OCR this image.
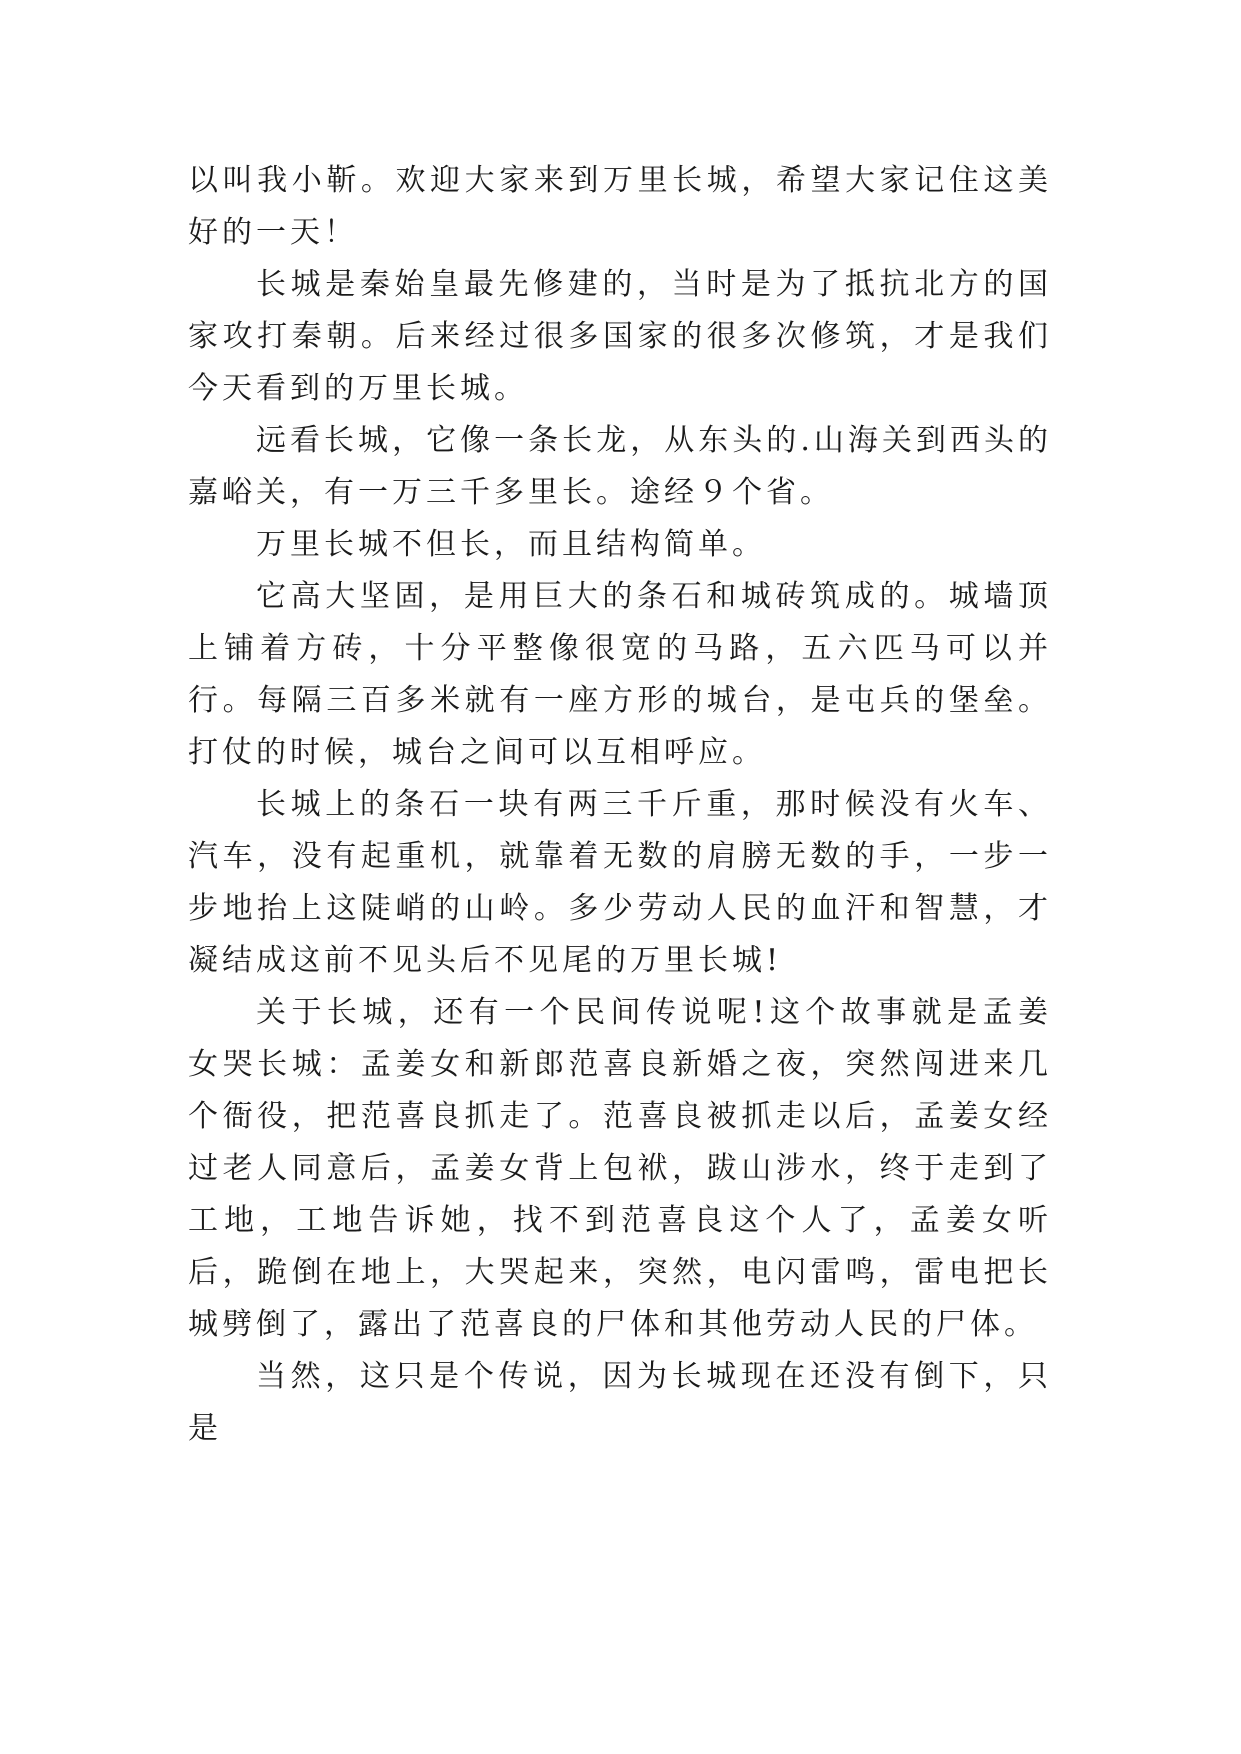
以叫我小靳。欢迎大家来到万里长城，希望大家记住这美好的一天！

长城是秦始皇最先修建的，当时是为了抵抗北方的国家攻打秦朝。后来经过很多国家的很多次修筑，才是我们今天看到的万里长城。

远看长城，它像一条长龙，从东头的.山海关到西头的嘉峪关，有一万三千多里长。途经９个省。

万里长城不但长，而且结构简单。

它高大坚固，是用巨大的条石和城砖筑成的。城墙顶上铺着方砖，十分平整像很宽的马路，五六匹马可以并行。每隔三百多米就有一座方形的城台，是屯兵的堡垒。打仗的时候，城台之间可以互相呼应。

长城上的条石一块有两三千斤重，那时候没有火车、汽车，没有起重机，就靠着无数的肩膀无数的手，一步一步地抬上这陡峭的山岭。多少劳动人民的血汗和智慧，才凝结成这前不见头后不见尾的万里长城!

关于长城，还有一个民间传说呢!这个故事就是孟姜女哭长城：孟姜女和新郎范喜良新婚之夜，突然闯进来几个衙役，把范喜良抓走了。范喜良被抓走以后，孟姜女经过老人同意后，孟姜女背上包袱，跋山涉水，终于走到了工地，工地告诉她，找不到范喜良这个人了，孟姜女听后，跪倒在地上，大哭起来，突然，电闪雷鸣，雷电把长城劈倒了，露出了范喜良的尸体和其他劳动人民的尸体。

当然，这只是个传说，因为长城现在还没有倒下，只是
